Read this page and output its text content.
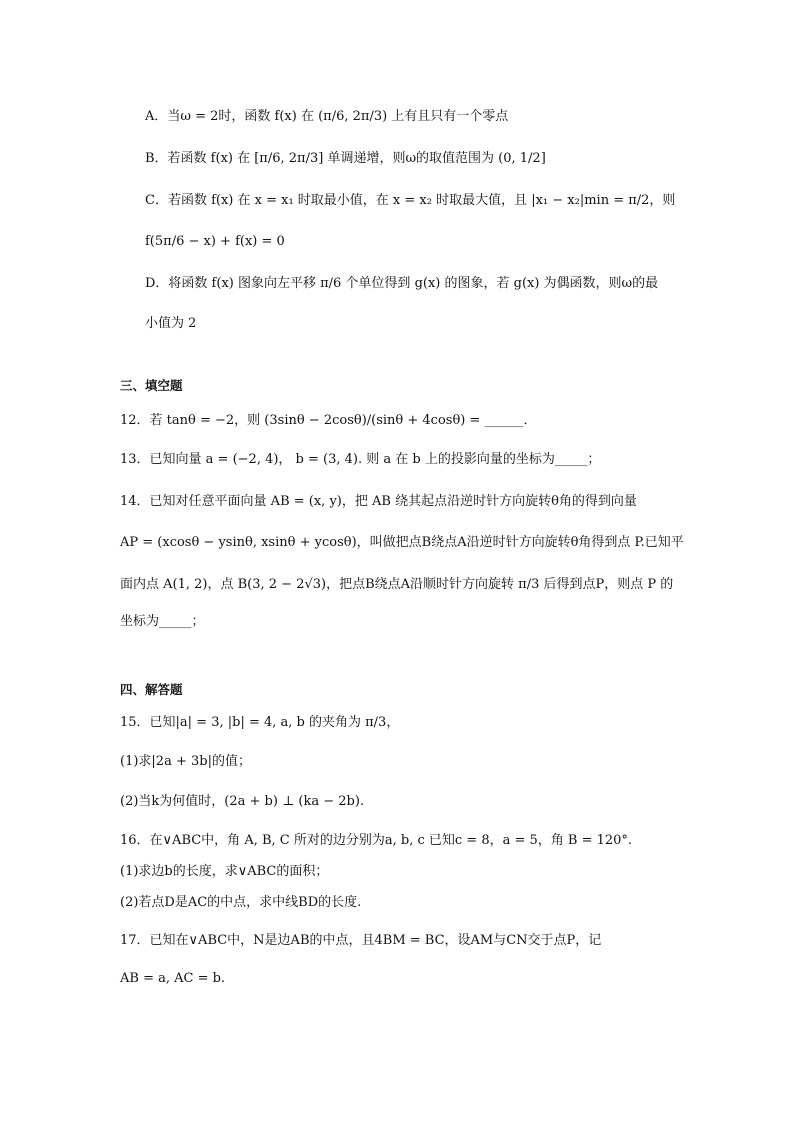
A．当ω = 2时，函数 f(x) 在 (π/6, 2π/3) 上有且只有一个零点
B．若函数 f(x) 在 [π/6, 2π/3] 单调递增，则ω的取值范围为 (0, 1/2]
C．若函数 f(x) 在 x = x₁ 时取最小值，在 x = x₂ 时取最大值，且 |x₁ − x₂|min = π/2，则
f(5π/6 − x) + f(x) = 0
D．将函数 f(x) 图象向左平移 π/6 个单位得到 g(x) 的图象，若 g(x) 为偶函数，则ω的最
小值为 2
三、填空题
12．若 tanθ = −2，则 (3sinθ − 2cosθ)/(sinθ + 4cosθ) = ______．
13．已知向量 a = (−2, 4)， b = (3, 4). 则 a 在 b 上的投影向量的坐标为_____；
14．已知对任意平面向量 AB = (x, y)，把 AB 绕其起点沿逆时针方向旋转θ角的得到向量
AP = (xcosθ − ysinθ, xsinθ + ycosθ)，叫做把点B绕点A沿逆时针方向旋转θ角得到点 P.已知平
面内点 A(1, 2)，点 B(3, 2 − 2√3)，把点B绕点A沿顺时针方向旋转 π/3 后得到点P，则点 P 的
坐标为_____；
四、解答题
15．已知|a| = 3, |b| = 4, a, b 的夹角为 π/3，
(1)求|2a + 3b|的值；
(2)当k为何值时，(2a + b) ⊥ (ka − 2b).
16．在∨ABC中，角 A, B, C 所对的边分别为a, b, c 已知c = 8，a = 5，角 B = 120°.
(1)求边b的长度，求∨ABC的面积；
(2)若点D是AC的中点，求中线BD的长度.
17．已知在∨ABC中，N是边AB的中点，且4BM = BC，设AM与CN交于点P，记
AB = a, AC = b.
